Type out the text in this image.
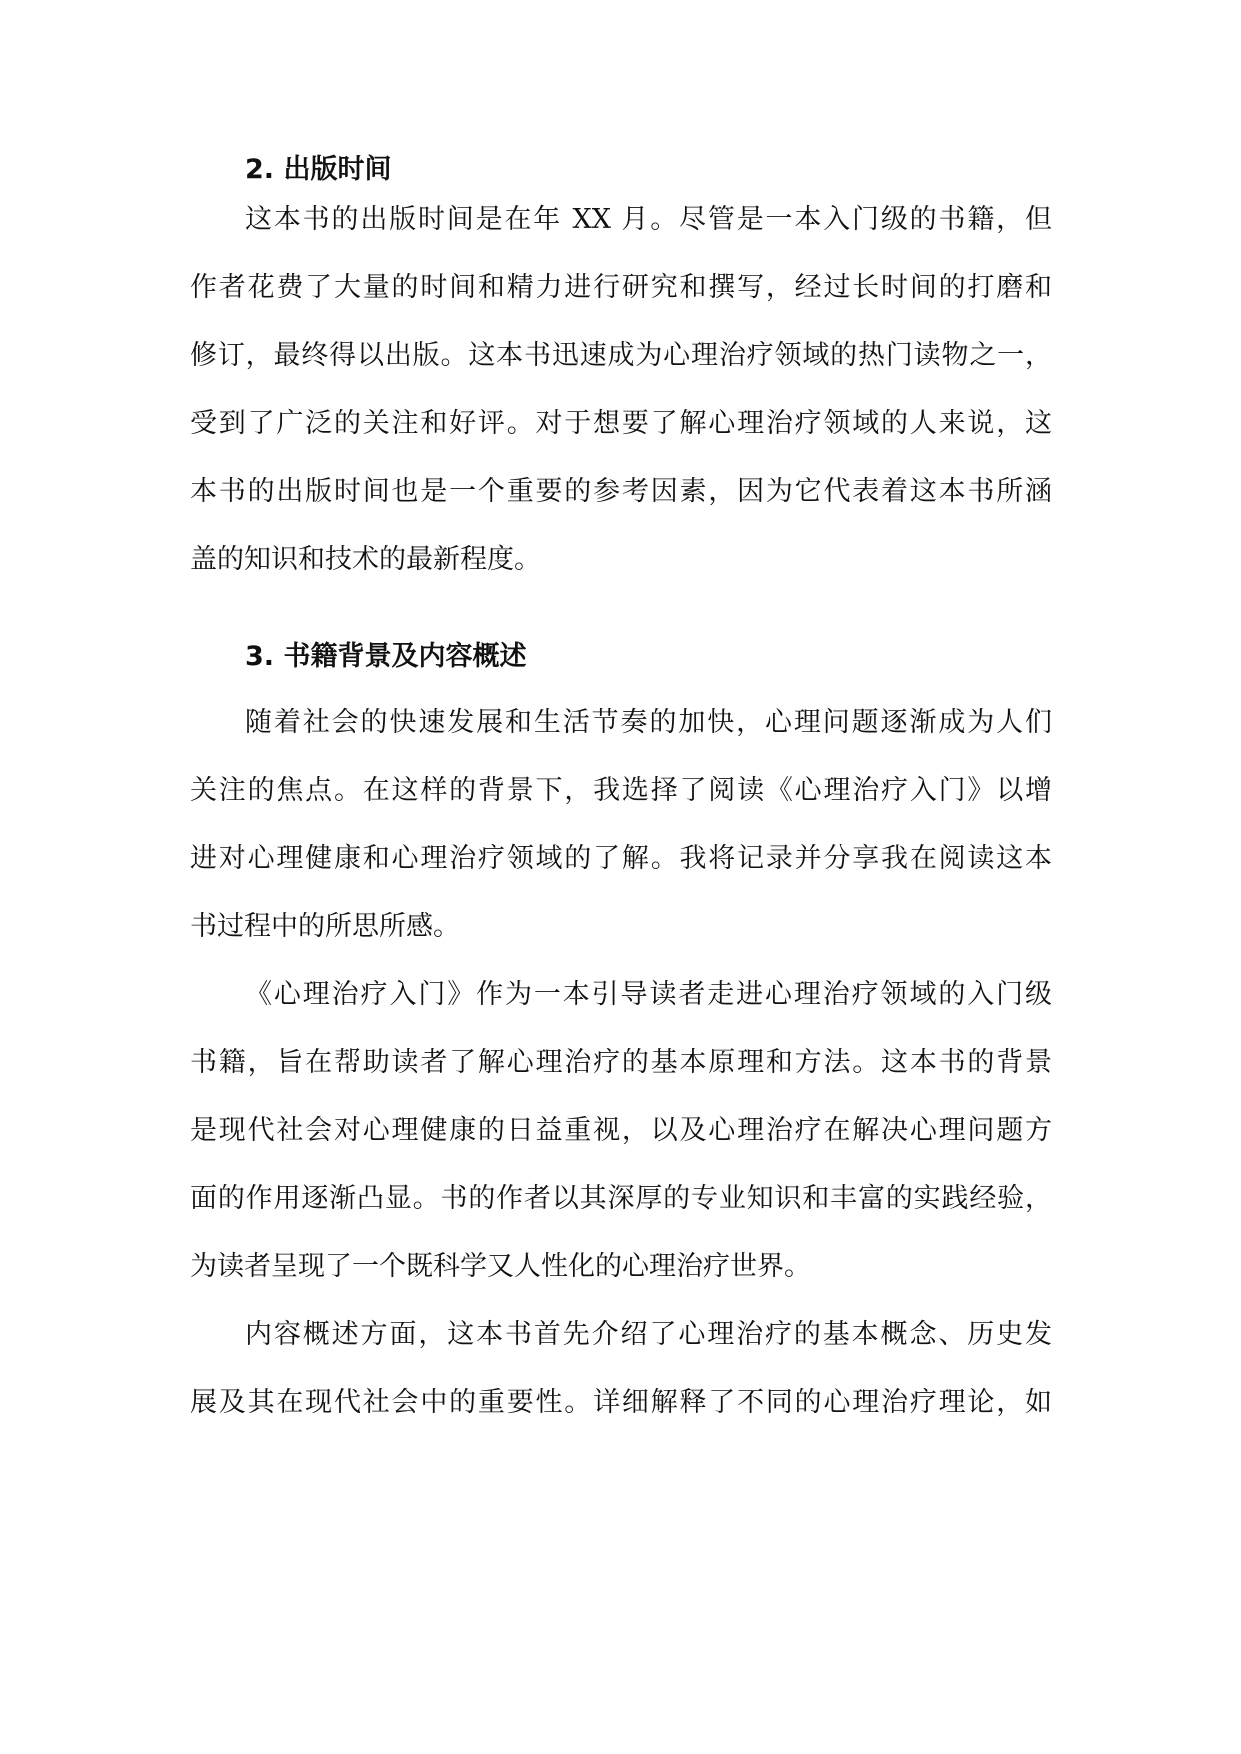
2. 出版时间
这本书的出版时间是在年 XX 月。尽管是一本入门级的书籍，但
作者花费了大量的时间和精力进行研究和撰写，经过长时间的打磨和
修订，最终得以出版。这本书迅速成为心理治疗领域的热门读物之一，
受到了广泛的关注和好评。对于想要了解心理治疗领域的人来说，这
本书的出版时间也是一个重要的参考因素，因为它代表着这本书所涵
盖的知识和技术的最新程度。
3. 书籍背景及内容概述
随着社会的快速发展和生活节奏的加快，心理问题逐渐成为人们
关注的焦点。在这样的背景下，我选择了阅读《心理治疗入门》以增
进对心理健康和心理治疗领域的了解。我将记录并分享我在阅读这本
书过程中的所思所感。
《心理治疗入门》作为一本引导读者走进心理治疗领域的入门级
书籍，旨在帮助读者了解心理治疗的基本原理和方法。这本书的背景
是现代社会对心理健康的日益重视，以及心理治疗在解决心理问题方
面的作用逐渐凸显。书的作者以其深厚的专业知识和丰富的实践经验，
为读者呈现了一个既科学又人性化的心理治疗世界。
内容概述方面，这本书首先介绍了心理治疗的基本概念、历史发
展及其在现代社会中的重要性。详细解释了不同的心理治疗理论，如
